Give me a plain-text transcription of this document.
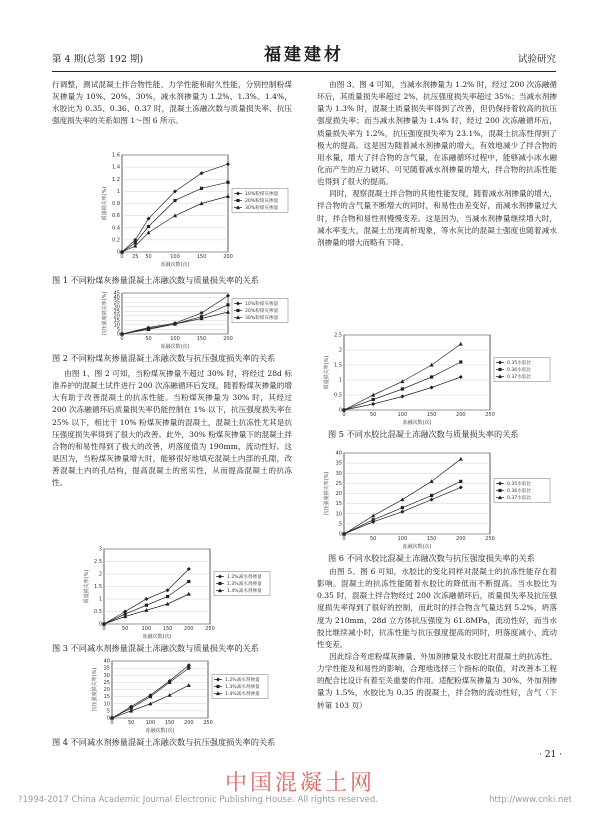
第 4 期(总第 192 期)	福建建材	试验研究

行调整，测试混凝土拌合物性能、力学性能和耐久性能，分别控制粉煤灰掺量为 10%、20%、30%，减水剂掺量为 1.2%、1.3%、1.4%，水胶比为 0.35、0.36、0.37 时，混凝土冻融次数与质量损失率、抗压强度损失率的关系如图 1～图 6 所示。

0
0.2
0.4
0.6
0.8
1
1.2
1.4
1.6
0 25 50	100	150	200
冻融次数(次)
质量损失率(%)	10%粉煤灰掺量
20%粉煤灰掺量
30%粉煤灰掺量
图 1 不同粉煤灰掺量混凝土冻融次数与质量损失率的关系
0
5
10
15
20
25
30
35
40
45
0	50	100	150	200
冻融次数(次)
抗压强度损失率(%)	10%粉煤灰掺量
20%粉煤灰掺量
30%粉煤灰掺量
图 2 不同粉煤灰掺量混凝土冻融次数与抗压强度损失率的关系

由图 1、图 2 可知，当粉煤灰掺量不超过 30% 时，将经过 28d 标准养护的混凝土试件进行 200 次冻融循环后发现，随着粉煤灰掺量的增大有助于改善混凝土的抗冻性能。当粉煤灰掺量为 30% 时，其经过 200 次冻融循环后质量损失率仍能控制在 1% 以下，抗压强度损失率在 25% 以下，相比于 10% 粉煤灰掺量的混凝土，混凝土抗冻性尤其是抗压强度损失率得到了很大的改善。此外，30% 粉煤灰掺量下的混凝土拌合物的和易性得到了极大的改善，坍落度值为 190mm，流动性好。这是因为，当粉煤灰掺量增大时，能够很好地填充混凝土内部的孔隙，改善混凝土内的孔结构，提高混凝土的密实性，从而提高混凝土的抗冻性。

0
0.5
1
1.5
2
2.5
3
0	50	100 150 200 250
冻融次数(次)
质量损失率(%)	1.2%减水剂掺量
1.3%减水剂掺量
1.4%减水剂掺量
图 3 不同减水剂掺量混凝土冻融次数与质量损失率的关系
0
5
10
15
20
25
30
35
40
0	50 100 150 200 250
冻融次数(次)
抗压强度损失率(%)	1.2%减水剂掺量
1.3%减水剂掺量
1.4%减水剂掺量
图 4 不同减水剂掺量混凝土冻融次数与抗压强度损失率的关系

由图 3、图 4 可知，当减水剂掺量为 1.2% 时，经过 200 次冻融循环后，其质量损失率超过 2%，抗压强度损失率超过 35%；当减水剂掺量为 1.3% 时，混凝土质量损失率得到了改善，但仍保持着较高的抗压强度损失率；而当减水剂掺量为 1.4% 时，经过 200 次冻融循环后，质量损失率为 1.2%，抗压强度损失率为 23.1%，混凝土抗冻性得到了极大的提高。这是因为随着减水剂掺量的增大，有效地减少了拌合物的用水量，增大了拌合物的含气量，在冻融循环过程中，能够减小冰水融化而产生的应力破坏。可见随着减水剂掺量的增大，拌合物的抗冻性能也得到了很大的提高。

同时，观察混凝土拌合物的其他性能发现，随着减水剂掺量的增大，拌合物的含气量不断增大的同时，和易性由差变好，而减水剂掺量过大时，拌合物和易性则慢慢变差。这是因为，当减水剂掺量继续增大时，减水率变大，混凝土出现离析现象，等水灰比的混凝土强度也随着减水剂掺量的增大而略有下降。

0
0.5
1
1.5
2
2.5
0	50	100	150	200	250
冻融次数(次)
质量损失率(%)	0.35水胶比
0.36水胶比
0.37水胶比
图 5 不同水胶比混凝土冻融次数与质量损失率的关系
0
5
10
15
20
25
30
35
40
0	50	100	150	200	250
冻融次数(次)
抗压强度损失率(%)	0.35水胶比
0.36水胶比
0.37水胶比
图 6 不同水胶比混凝土冻融次数与抗压强度损失率的关系

由图 5、图 6 可知，水胶比的变化同样对混凝土的抗冻性能存在着影响。混凝土的抗冻性能随着水胶比的降低而不断提高。当水胶比为 0.35 时，混凝土拌合物经过 200 次冻融循环后，质量损失率及抗压强度损失率得到了很好的控制，而此时的拌合物含气量达到 5.2%，坍落度为 210mm，28d 立方体抗压强度为 61.8MPa，流动性好，而当水胶比继续减小时，抗冻性能与抗压强度提高的同时，坍落度减小，流动性变差。

因此综合考虑粉煤灰掺量、外加剂掺量及水胶比对混凝土的抗冻性、力学性能及和易性的影响，合理地选择三个指标的取值，对改善本工程的配合比设计有着至关重要的作用。适配粉煤灰掺量为 30%，外加剂掺量为 1.5%，水胶比为 0.35 的混凝土，拌合物的流动性好，含气（下转第 103 页）

· 21 ·
中国混凝土网
?1994-2017 China Academic Journal Electronic Publishing House. All rights reserved.	http://www.cnki.net
